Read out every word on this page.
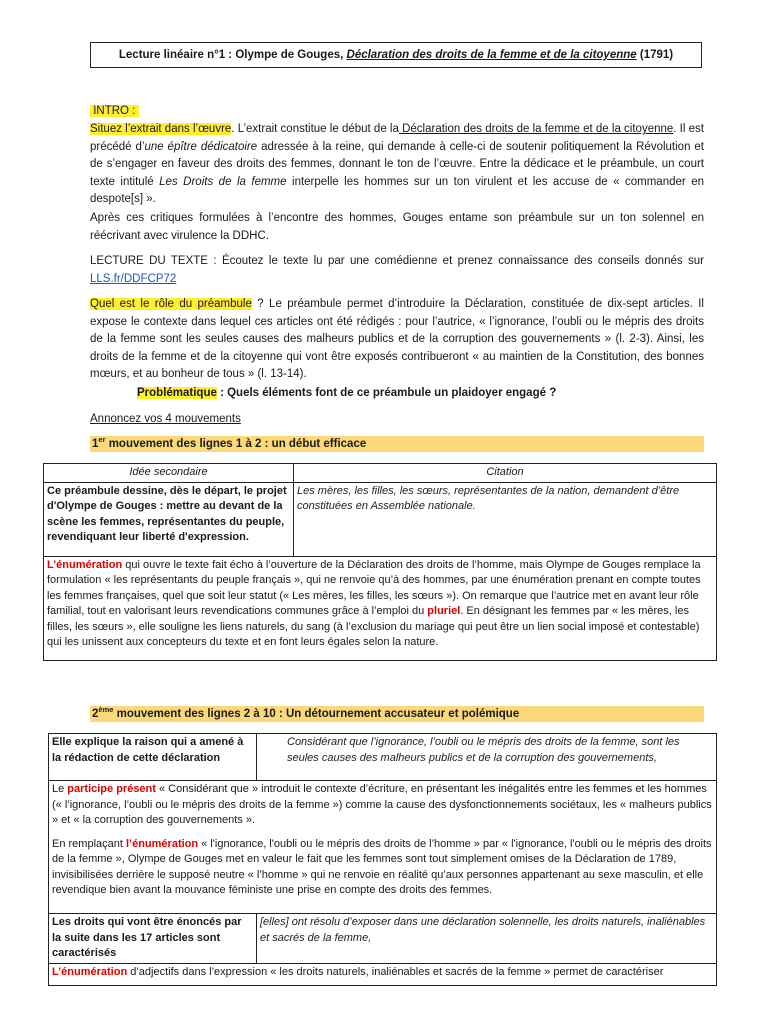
Lecture linéaire n°1 : Olympe de Gouges, Déclaration des droits de la femme et de la citoyenne (1791)

INTRO :

Situez l’extrait dans l’œuvre. L’extrait constitue le début de la Déclaration des droits de la femme et de la citoyenne. Il est précédé d’une épître dédicatoire adressée à la reine, qui demande à celle-ci de soutenir politiquement la Révolution et de s’engager en faveur des droits des femmes, donnant le ton de l’œuvre. Entre la dédicace et le préambule, un court texte intitulé Les Droits de la femme interpelle les hommes sur un ton virulent et les accuse de « commander en despote[s] ».

Après ces critiques formulées à l’encontre des hommes, Gouges entame son préambule sur un ton solennel en réécrivant avec virulence la DDHC.

LECTURE DU TEXTE : Écoutez le texte lu par une comédienne et prenez connaissance des conseils donnés sur LLS.fr/DDFCP72

Quel est le rôle du préambule ? Le préambule permet d’introduire la Déclaration, constituée de dix-sept articles. Il expose le contexte dans lequel ces articles ont été rédigés : pour l’autrice, « l’ignorance, l’oubli ou le mépris des droits de la femme sont les seules causes des malheurs publics et de la corruption des gouvernements » (l. 2-3). Ainsi, les droits de la femme et de la citoyenne qui vont être exposés contribueront « au maintien de la Constitution, des bonnes mœurs, et au bonheur de tous » (l. 13-14).

Problématique : Quels éléments font de ce préambule un plaidoyer engagé ?

Annoncez vos 4 mouvements

1er mouvement des lignes 1 à 2 : un début efficace
Idée secondaire	Citation
Ce préambule dessine, dès le départ, le projet d'Olympe de Gouges : mettre au devant de la scène les femmes, représentantes du peuple, revendiquant leur liberté d'expression.	Les mères, les filles, les sœurs, représentantes de la nation, demandent d’être constituées en Assemblée nationale.
L’énumération qui ouvre le texte fait écho à l’ouverture de la Déclaration des droits de l’homme, mais Olympe de Gouges remplace la formulation « les représentants du peuple français », qui ne renvoie qu’à des hommes, par une énumération prenant en compte toutes les femmes françaises, quel que soit leur statut (« Les mères, les filles, les sœurs »). On remarque que l’autrice met en avant leur rôle familial, tout en valorisant leurs revendications communes grâce à l’emploi du pluriel. En désignant les femmes par « les mères, les filles, les sœurs », elle souligne les liens naturels, du sang (à l’exclusion du mariage qui peut être un lien social imposé et contestable) qui les unissent aux concepteurs du texte et en font leurs égales selon la nature.	
2ème mouvement des lignes 2 à 10 : Un détournement accusateur et polémique
Elle explique la raison qui a amené à la rédaction de cette déclaration	Considérant que l’ignorance, l’oubli ou le mépris des droits de la femme, sont les seules causes des malheurs publics et de la corruption des gouvernements,

Le participe présent « Considérant que » introduit le contexte d’écriture, en présentant les inégalités entre les femmes et les hommes (« l’ignorance, l’oubli ou le mépris des droits de la femme ») comme la cause des dysfonctionnements sociétaux, les « malheurs publics » et « la corruption des gouvernements ».
En remplaçant l’énumération « l'ignorance, l'oubli ou le mépris des droits de l’homme » par « l'ignorance, l'oubli ou le mépris des droits de la femme », Olympe de Gouges met en valeur le fait que les femmes sont tout simplement omises de la Déclaration de 1789, invisibilisées derrière le supposé neutre « l’homme » qui ne renvoie en réalité qu’aux personnes appartenant au sexe masculin, et elle revendique bien avant la mouvance féministe une prise en compte des droits des femmes.	

Les droits qui vont être énoncés par la suite dans les 17 articles sont caractérisés	[elles] ont résolu d’exposer dans une déclaration solennelle, les droits naturels, inaliénables et sacrés de la femme,
L’énumération d’adjectifs dans l’expression « les droits naturels, inaliénables et sacrés de la femme » permet de caractériser	
